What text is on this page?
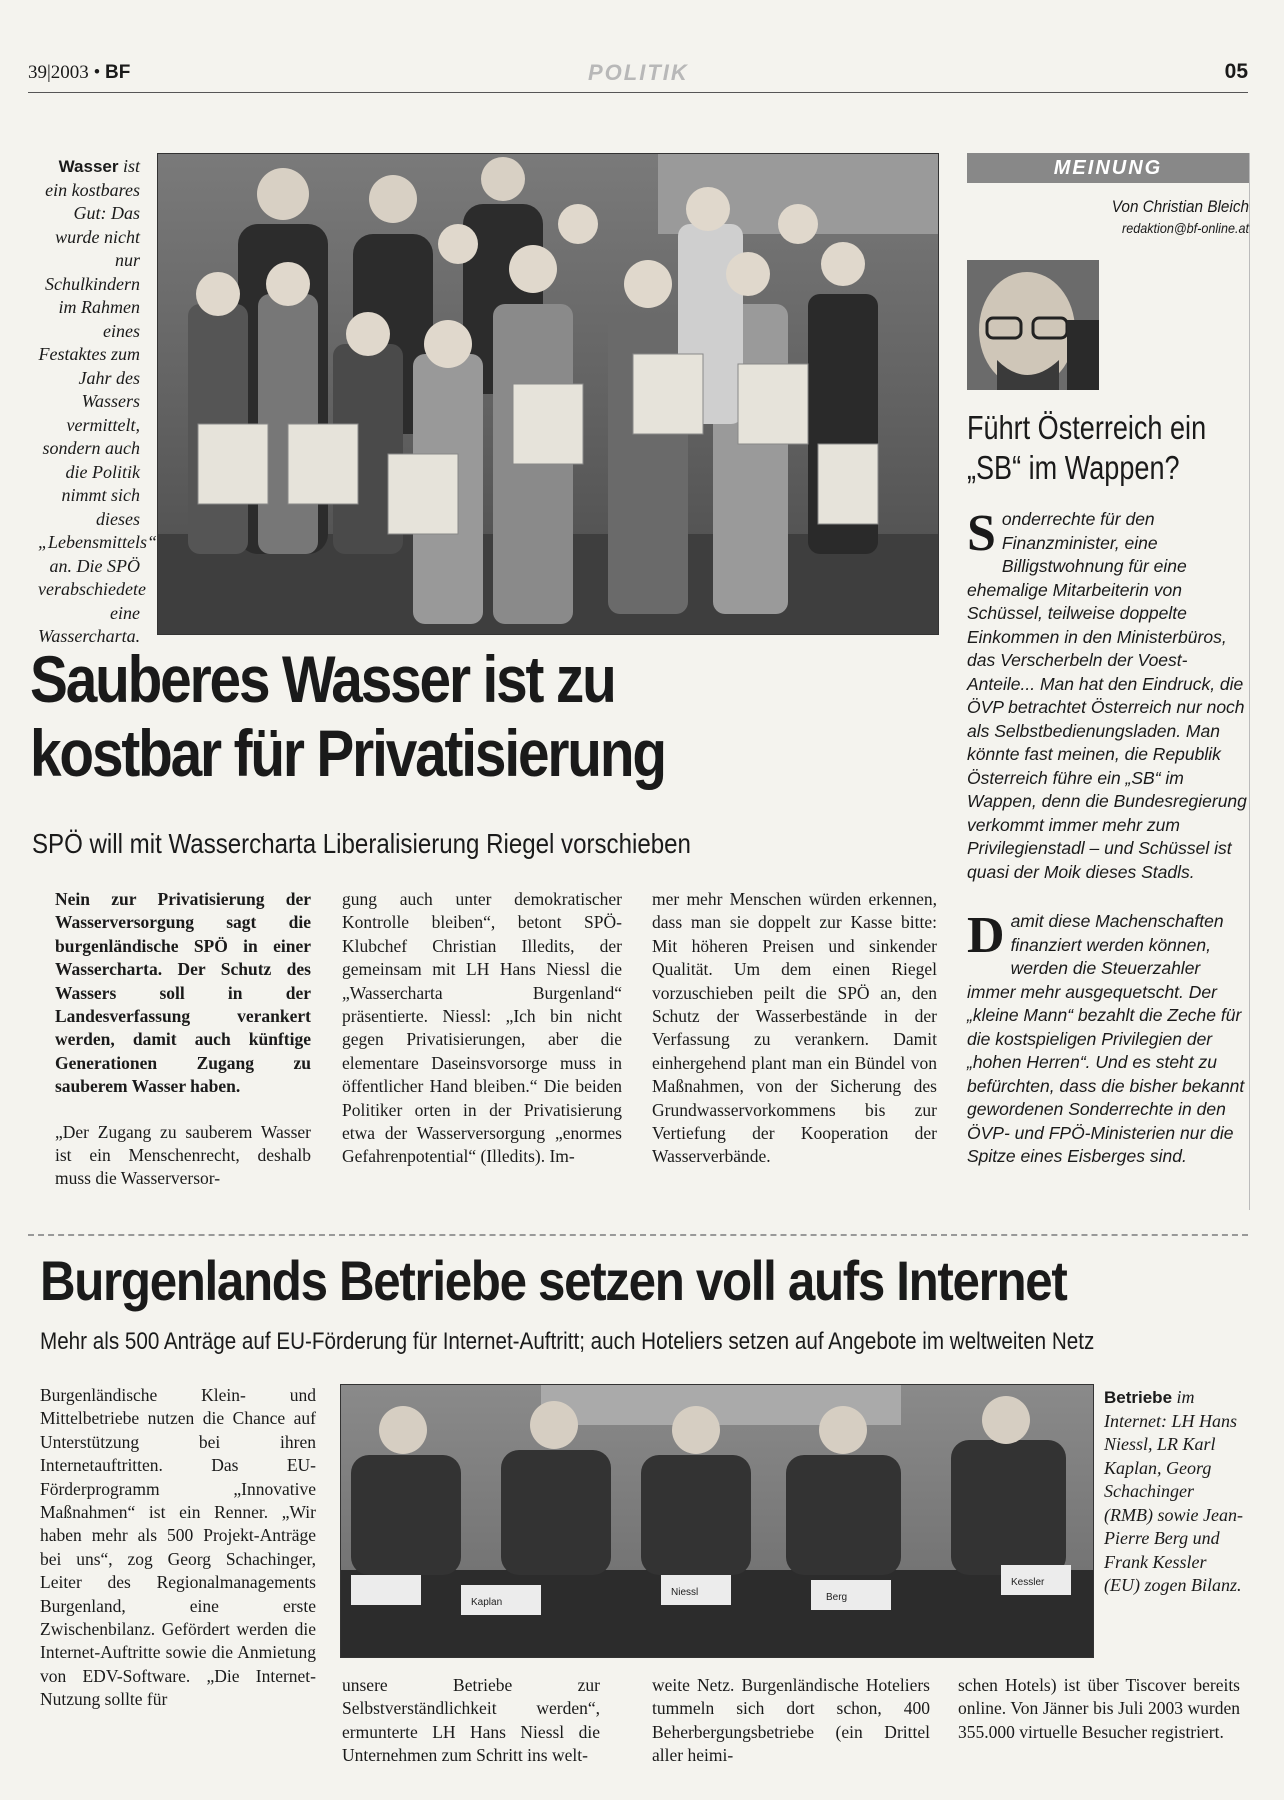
39|2003 • BF	POLITIK	05
Wasser ist ein kostbares Gut: Das wurde nicht nur Schulkindern im Rahmen eines Festaktes zum Jahr des Wassers vermittelt, sondern auch die Politik nimmt sich dieses „Lebensmittels“ an. Die SPÖ verabschiedete eine Wassercharta.
Sauberes Wasser ist zu
kostbar für Privatisierung
SPÖ will mit Wassercharta Liberalisierung Riegel vorschieben

Nein zur Privatisierung der Wasserversorgung sagt die burgenländische SPÖ in einer Wassercharta. Der Schutz des Wassers soll in der Landesverfassung verankert werden, damit auch künftige Generationen Zugang zu sauberem Wasser haben.

„Der Zugang zu sauberem Wasser ist ein Menschenrecht, deshalb muss die Wasserversor-

gung auch unter demokratischer Kontrolle bleiben“, betont SPÖ-Klubchef Christian Illedits, der gemeinsam mit LH Hans Niessl die „Wassercharta Burgenland“ präsentierte. Niessl: „Ich bin nicht gegen Privatisierungen, aber die elementare Daseinsvorsorge muss in öffentlicher Hand bleiben.“ Die beiden Politiker orten in der Privatisierung etwa der Wasserversorgung „enormes Gefahrenpotential“ (Illedits). Im-
mer mehr Menschen würden erkennen, dass man sie doppelt zur Kasse bitte: Mit höheren Preisen und sinkender Qualität. Um dem einen Riegel vorzuschieben peilt die SPÖ an, den Schutz der Wasserbestände in der Verfassung zu verankern. Damit einhergehend plant man ein Bündel von Maßnahmen, von der Sicherung des Grundwasservorkommens bis zur Vertiefung der Kooperation der Wasserverbände.
MEINUNG
Von Christian Bleich
redaktion@bf-online.at
Führt Österreich ein
„SB“ im Wappen?

Sonderrechte für den Finanzminister, eine Billigstwohnung für eine ehemalige Mitarbeiterin von Schüssel, teilweise doppelte Einkommen in den Ministerbüros, das Verscherbeln der Voest-Anteile... Man hat den Eindruck, die ÖVP betrachtet Österreich nur noch als Selbstbedienungsladen. Man könnte fast meinen, die Republik Österreich führe ein „SB“ im Wappen, denn die Bundesregierung verkommt immer mehr zum Privilegienstadl – und Schüssel ist quasi der Moik dieses Stadls.

Damit diese Machenschaften finanziert werden können, werden die Steuerzahler immer mehr ausgequetscht. Der „kleine Mann“ bezahlt die Zeche für die kostspieligen Privilegien der „hohen Herren“. Und es steht zu befürchten, dass die bisher bekannt gewordenen Sonderrechte in den ÖVP- und FPÖ-Ministerien nur die Spitze eines Eisberges sind.

Burgenlands Betriebe setzen voll aufs Internet
Mehr als 500 Anträge auf EU-Förderung für Internet-Auftritt; auch Hoteliers setzen auf Angebote im weltweiten Netz
Burgenländische Klein- und Mittelbetriebe nutzen die Chance auf Unterstützung bei ihren Internetauftritten. Das EU-Förderprogramm „Innovative Maßnahmen“ ist ein Renner. „Wir haben mehr als 500 Projekt-Anträge bei uns“, zog Georg Schachinger, Leiter des Regionalmanagements Burgenland, eine erste Zwischenbilanz. Gefördert werden die Internet-Auftritte sowie die Anmietung von EDV-Software. „Die Internet-Nutzung sollte für
Kaplan
Niessl	Berg
Kessler
Betriebe im Internet: LH Hans Niessl, LR Karl Kaplan, Georg Schachinger (RMB) sowie Jean-Pierre Berg und Frank Kessler (EU) zogen Bilanz.
unsere Betriebe zur Selbstverständlichkeit werden“, ermunterte LH Hans Niessl die Unternehmen zum Schritt ins welt-
weite Netz. Burgenländische Hoteliers tummeln sich dort schon, 400 Beherbergungsbetriebe (ein Drittel aller heimi-
schen Hotels) ist über Tiscover bereits online. Von Jänner bis Juli 2003 wurden 355.000 virtuelle Besucher registriert.
